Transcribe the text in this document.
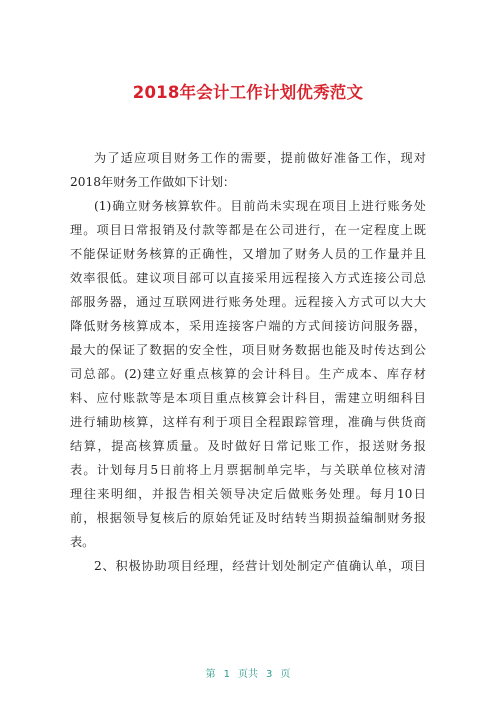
2018年会计工作计划优秀范文
为了适应项目财务工作的需要，提前做好准备工作，现对
2018年财务工作做如下计划：
(1)确立财务核算软件。目前尚未实现在项目上进行账务处
理。项目日常报销及付款等都是在公司进行，在一定程度上既
不能保证财务核算的正确性，又增加了财务人员的工作量并且
效率很低。建议项目部可以直接采用远程接入方式连接公司总
部服务器，通过互联网进行账务处理。远程接入方式可以大大
降低财务核算成本，采用连接客户端的方式间接访问服务器，
最大的保证了数据的安全性，项目财务数据也能及时传达到公
司总部。(2)建立好重点核算的会计科目。生产成本、库存材
料、应付账款等是本项目重点核算会计科目，需建立明细科目
进行辅助核算，这样有利于项目全程跟踪管理，准确与供货商
结算，提高核算质量。及时做好日常记账工作，报送财务报
表。计划每月5日前将上月票据制单完毕，与关联单位核对清
理往来明细，并报告相关领导决定后做账务处理。每月10日
前，根据领导复核后的原始凭证及时结转当期损益编制财务报
表。
2、积极协助项目经理，经营计划处制定产值确认单，项目
第 1 页共 3 页
